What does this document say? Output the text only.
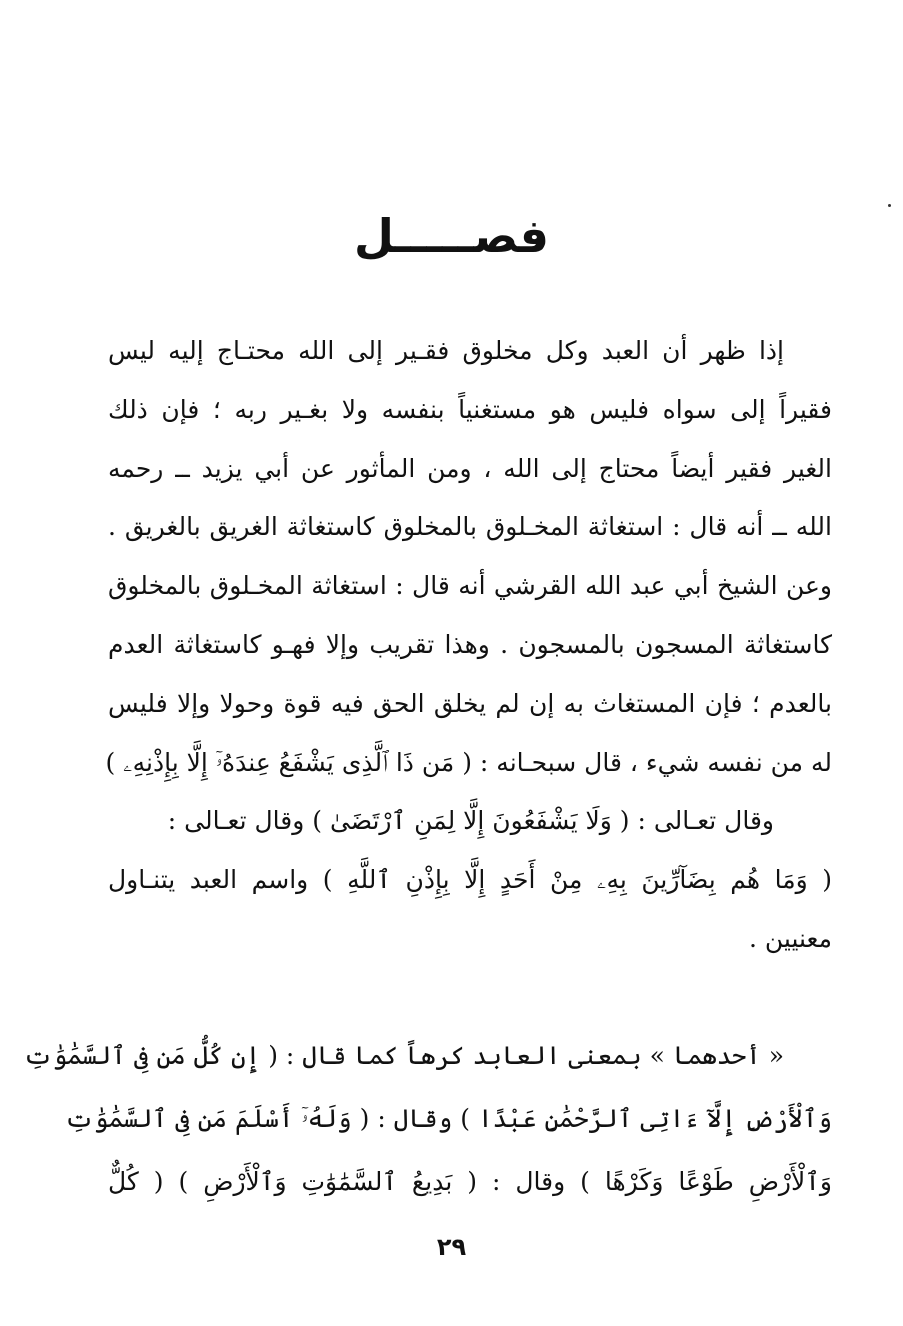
فصـــــل
إذا ظهر أن العبد وكل مخلوق فقـير إلى الله محتـاج إليه ليس
فقيراً إلى سواه فليس هو مستغنياً بنفسه ولا بغـير ربه ؛ فإن ذلك
الغير فقير أيضاً محتاج إلى الله ، ومن المأثور عن أبي يزيد ــ رحمه
الله ــ أنه قال : استغاثة المخـلوق بالمخلوق كاستغاثة الغريق بالغريق .
وعن الشيخ أبي عبد الله القرشي أنه قال : استغاثة المخـلوق بالمخلوق
كاستغاثة المسجون بالمسجون . وهذا تقريب وإلا فهـو كاستغاثة العدم
بالعدم ؛ فإن المستغاث به إن لم يخلق الحق فيه قوة وحولا وإلا فليس
له من نفسه شيء ، قال سبحـانه : ( مَن ذَا ٱلَّذِى يَشْفَعُ عِندَهُۥٓ إِلَّا بِإِذْنِهِۦ )
وقال تعـالى : ( وَلَا يَشْفَعُونَ إِلَّا لِمَنِ ٱرْتَضَىٰ ) وقال تعـالى :
( وَمَا هُم بِضَآرِّينَ بِهِۦ مِنْ أَحَدٍ إِلَّا بِإِذْنِ ٱللَّهِ ) واسم العبد يتنـاول
معنيين .
« أحدهما » بمعنى العابد كرهاً كما قال : ( إِن كُلُّ مَن فِى ٱلسَّمَٰوَٰتِ
وَٱلْأَرْضِ إِلَّآ ءَاتِى ٱلرَّحْمَٰنِ عَبْدًا ) وقال : ( وَلَهُۥٓ أَسْلَمَ مَن فِى ٱلسَّمَٰوَٰتِ
وَٱلْأَرْضِ طَوْعًا وَكَرْهًا ) وقال : ( بَدِيعُ ٱلسَّمَٰوَٰتِ وَٱلْأَرْضِ ) ( كُلٌّ
٢٩
